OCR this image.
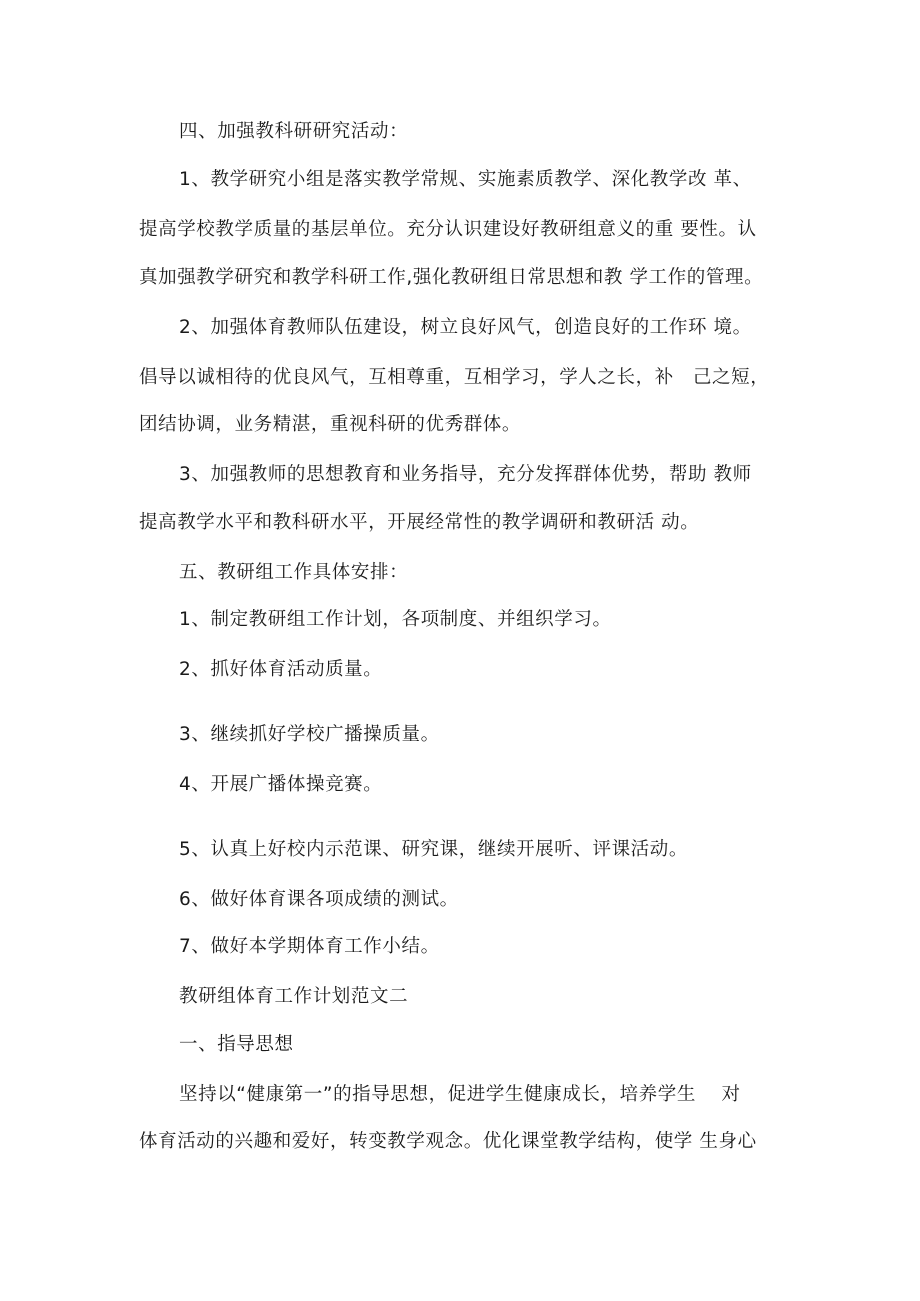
四、加强教科研研究活动：
1、教学研究小组是落实教学常规、实施素质教学、深化教学改 革、
提高学校教学质量的基层单位。充分认识建设好教研组意义的重 要性。认
真加强教学研究和教学科研工作,强化教研组日常思想和教 学工作的管理。
2、加强体育教师队伍建设，树立良好风气，创造良好的工作环 境。
倡导以诚相待的优良风气，互相尊重，互相学习，学人之长，补　己之短，
团结协调，业务精湛，重视科研的优秀群体。
3、加强教师的思想教育和业务指导，充分发挥群体优势，帮助 教师
提高教学水平和教科研水平，开展经常性的教学调研和教研活 动。
五、教研组工作具体安排：
1、制定教研组工作计划，各项制度、并组织学习。
2、抓好体育活动质量。
3、继续抓好学校广播操质量。
4、开展广播体操竞赛。
5、认真上好校内示范课、研究课，继续开展听、评课活动。
6、做好体育课各项成绩的测试。
7、做好本学期体育工作小结。
教研组体育工作计划范文二
一、指导思想
坚持以“健康第一”的指导思想，促进学生健康成长，培养学生　 对
体育活动的兴趣和爱好，转变教学观念。优化课堂教学结构，使学 生身心
